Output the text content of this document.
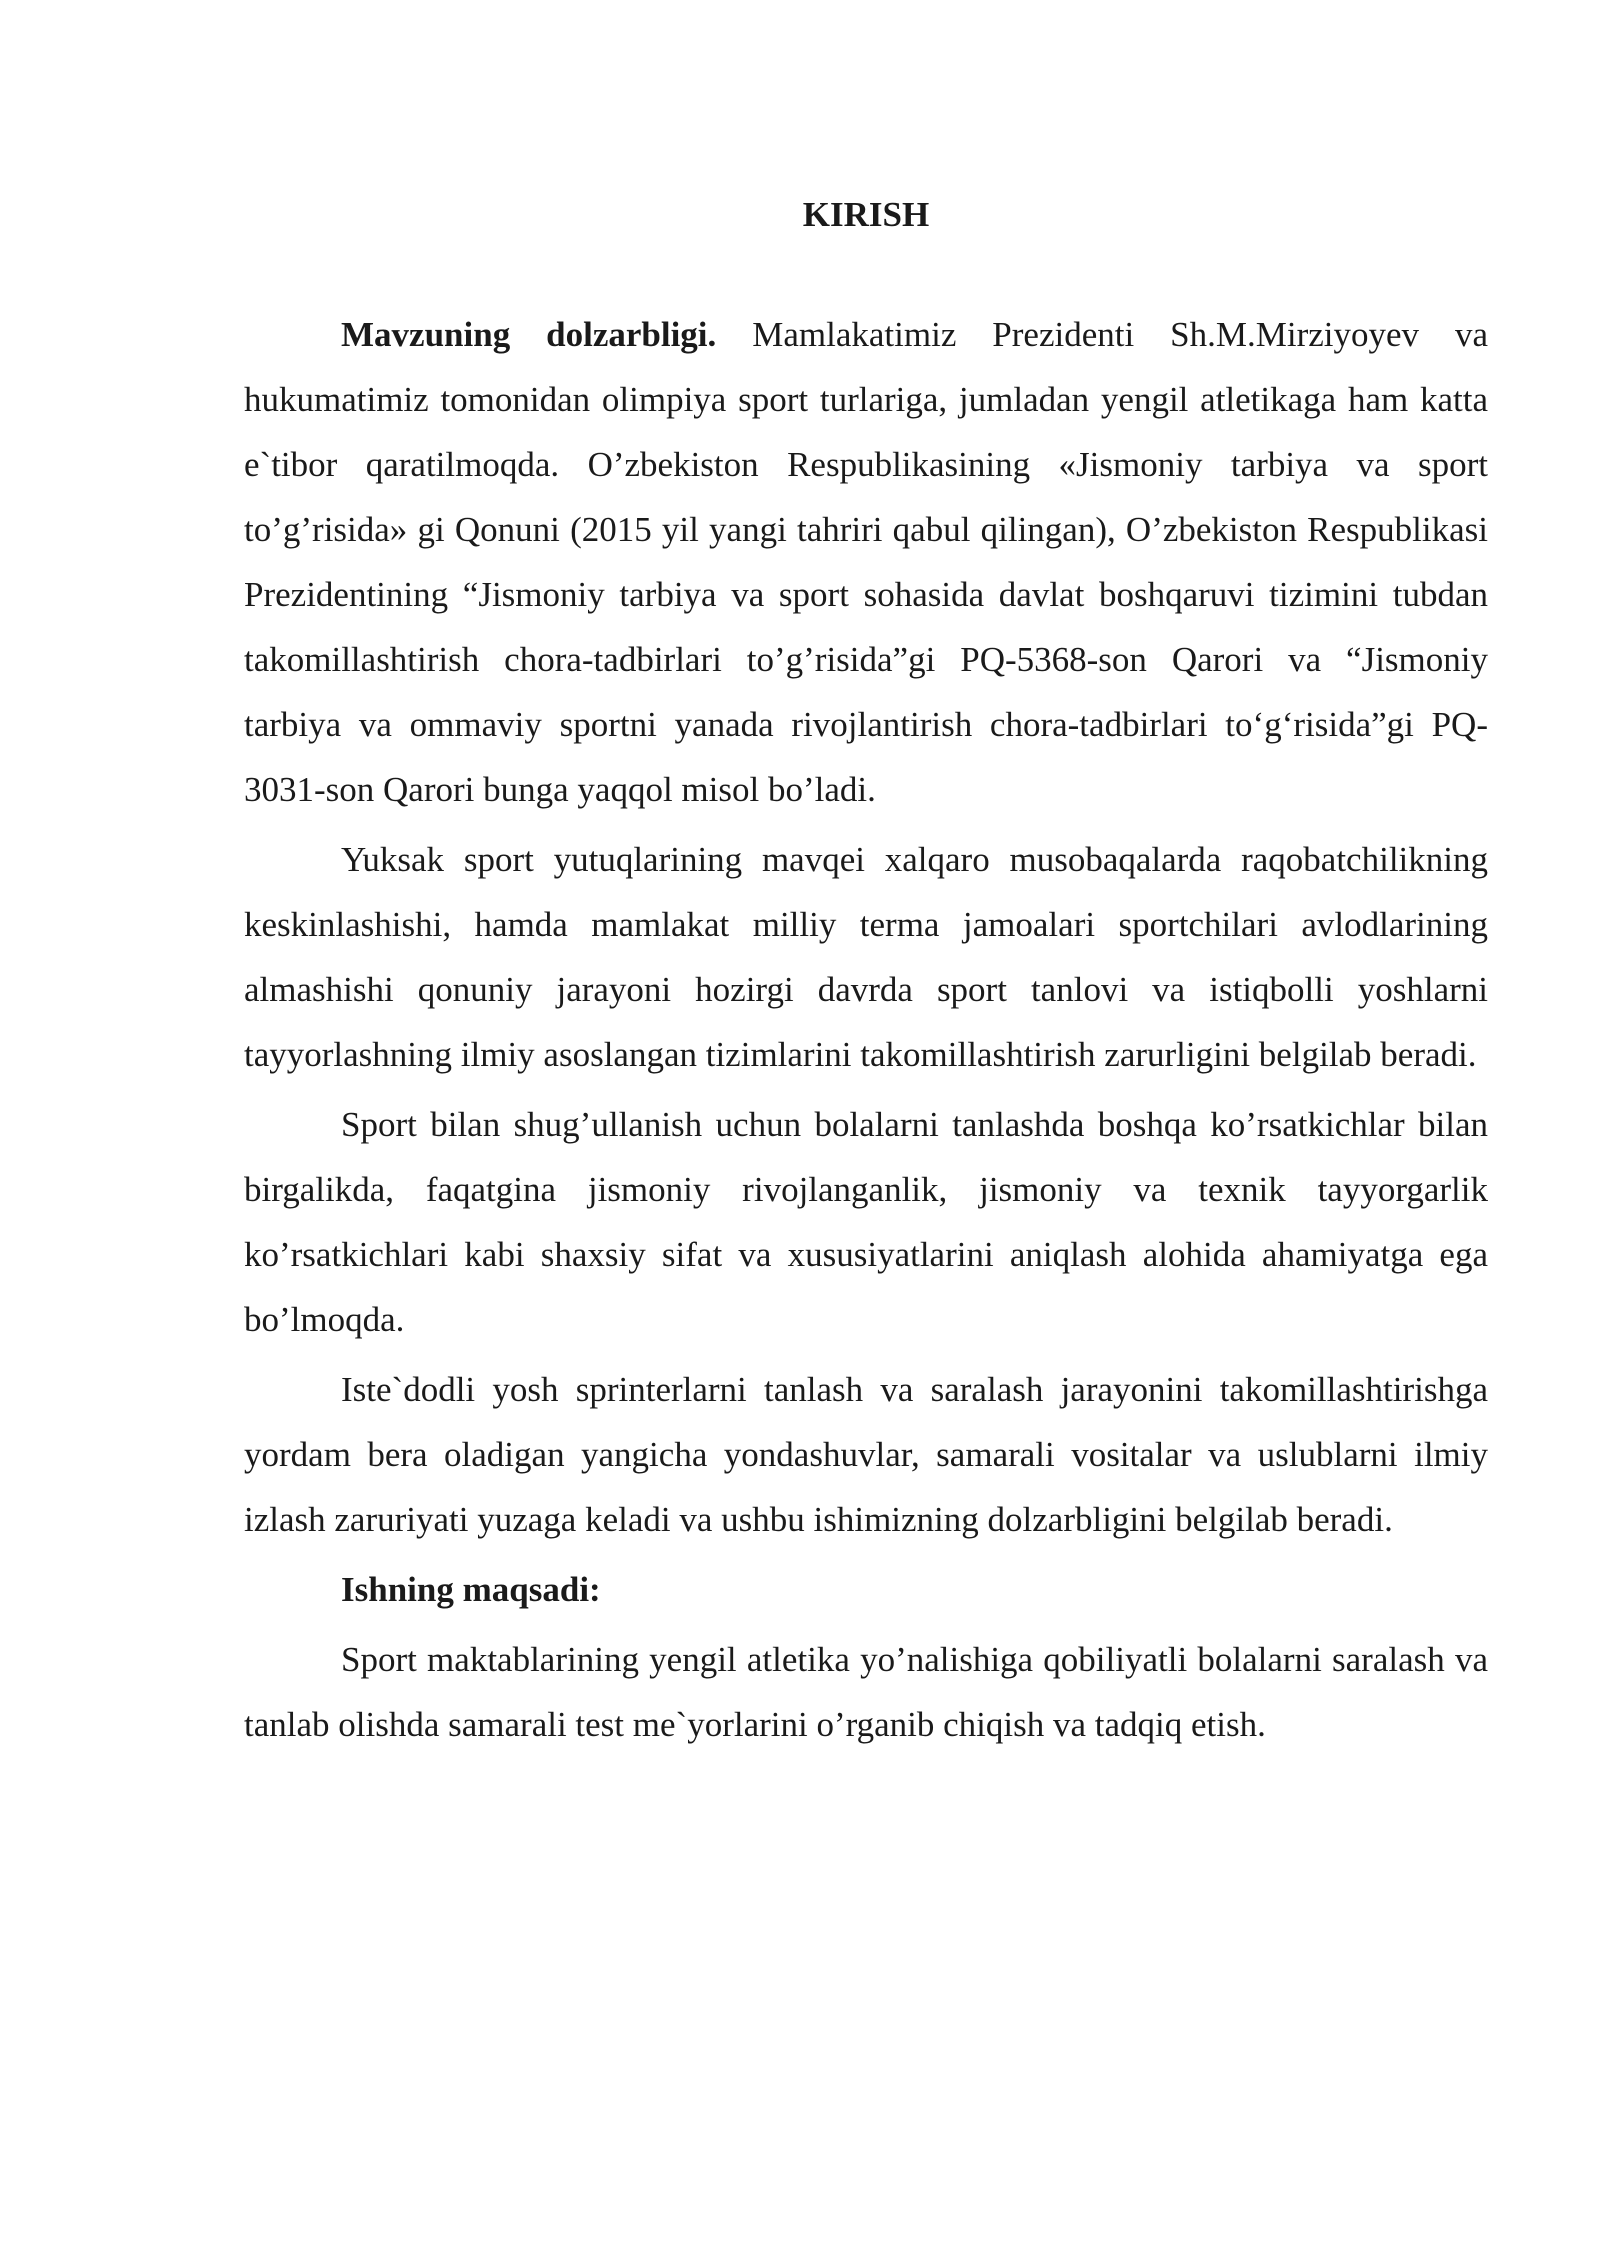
KIRISH

Mavzuning dolzarbligi. Mamlakatimiz Prezidenti Sh.M.Mirziyoyev va hukumatimiz tomonidan olimpiya sport turlariga, jumladan yengil atletikaga ham katta e`tibor qaratilmoqda. O’zbekiston Respublikasining «Jismoniy tarbiya va sport to’g’risida» gi Qonuni (2015 yil yangi tahriri qabul qilingan), O’zbekiston Respublikasi Prezidentining “Jismoniy tarbiya va sport sohasida davlat boshqaruvi tizimini tubdan takomillashtirish chora-tadbirlari to’g’risida”gi PQ-5368-son Qarori va “Jismoniy tarbiya va ommaviy sportni yanada rivojlantirish chora-tadbirlari to‘g‘risida”gi PQ-3031-son Qarori bunga yaqqol misol bo’ladi.

Yuksak sport yutuqlarining mavqei xalqaro musobaqalarda raqobatchilikning keskinlashishi, hamda mamlakat milliy terma jamoalari sportchilari avlodlarining almashishi qonuniy jarayoni hozirgi davrda sport tanlovi va istiqbolli yoshlarni tayyorlashning ilmiy asoslangan tizimlarini takomillashtirish zarurligini belgilab beradi.

Sport bilan shug’ullanish uchun bolalarni tanlashda boshqa ko’rsatkichlar bilan birgalikda, faqatgina jismoniy rivojlanganlik, jismoniy va texnik tayyorgarlik ko’rsatkichlari kabi shaxsiy sifat va xususiyatlarini aniqlash alohida ahamiyatga ega bo’lmoqda.

Iste`dodli yosh sprinterlarni tanlash va saralash jarayonini takomillashtirishga yordam bera oladigan yangicha yondashuvlar, samarali vositalar va uslublarni ilmiy izlash zaruriyati yuzaga keladi va ushbu ishimizning dolzarbligini belgilab beradi.

Ishning maqsadi:

Sport maktablarining yengil atletika yo’nalishiga qobiliyatli bolalarni saralash va tanlab olishda samarali test me`yorlarini o’rganib chiqish va tadqiq etish.
